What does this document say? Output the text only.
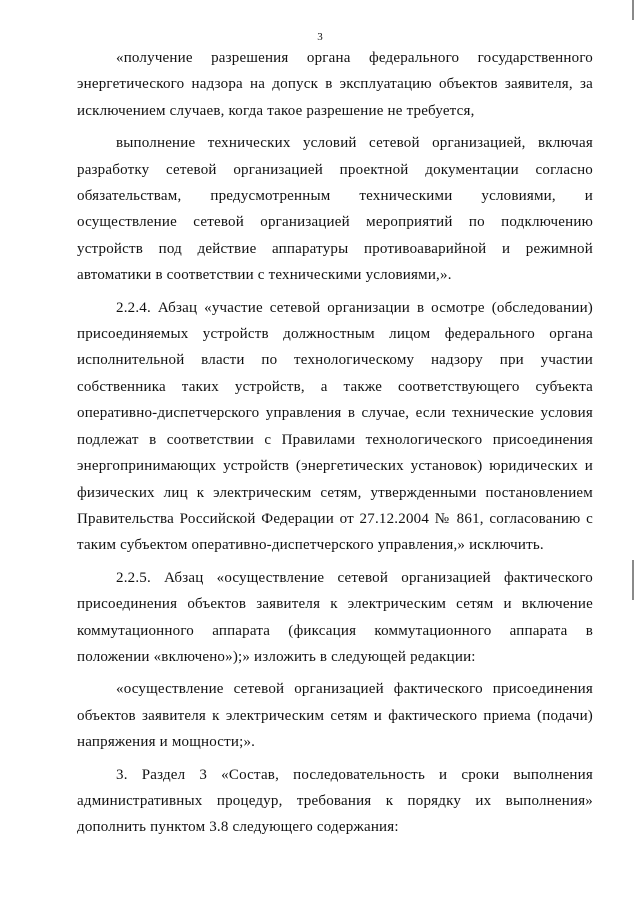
3

«получение разрешения органа федерального государственного энергетического надзора на допуск в эксплуатацию объектов заявителя, за исключением случаев, когда такое разрешение не требуется,

выполнение технических условий сетевой организацией, включая разработку сетевой организацией проектной документации согласно обязательствам, предусмотренным техническими условиями, и осуществление сетевой организацией мероприятий по подключению устройств под действие аппаратуры противоаварийной и режимной автоматики в соответствии с техническими условиями,».

2.2.4. Абзац «участие сетевой организации в осмотре (обследовании) присоединяемых устройств должностным лицом федерального органа исполнительной власти по технологическому надзору при участии собственника таких устройств, а также соответствующего субъекта оперативно-диспетчерского управления в случае, если технические условия подлежат в соответствии с Правилами технологического присоединения энергопринимающих устройств (энергетических установок) юридических и физических лиц к электрическим сетям, утвержденными постановлением Правительства Российской Федерации от 27.12.2004 № 861, согласованию с таким субъектом оперативно-диспетчерского управления,» исключить.

2.2.5. Абзац «осуществление сетевой организацией фактического присоединения объектов заявителя к электрическим сетям и включение коммутационного аппарата (фиксация коммутационного аппарата в положении «включено»);» изложить в следующей редакции:

«осуществление сетевой организацией фактического присоединения объектов заявителя к электрическим сетям и фактического приема (подачи) напряжения и мощности;».

3. Раздел 3 «Состав, последовательность и сроки выполнения административных процедур, требования к порядку их выполнения» дополнить пунктом 3.8 следующего содержания:
